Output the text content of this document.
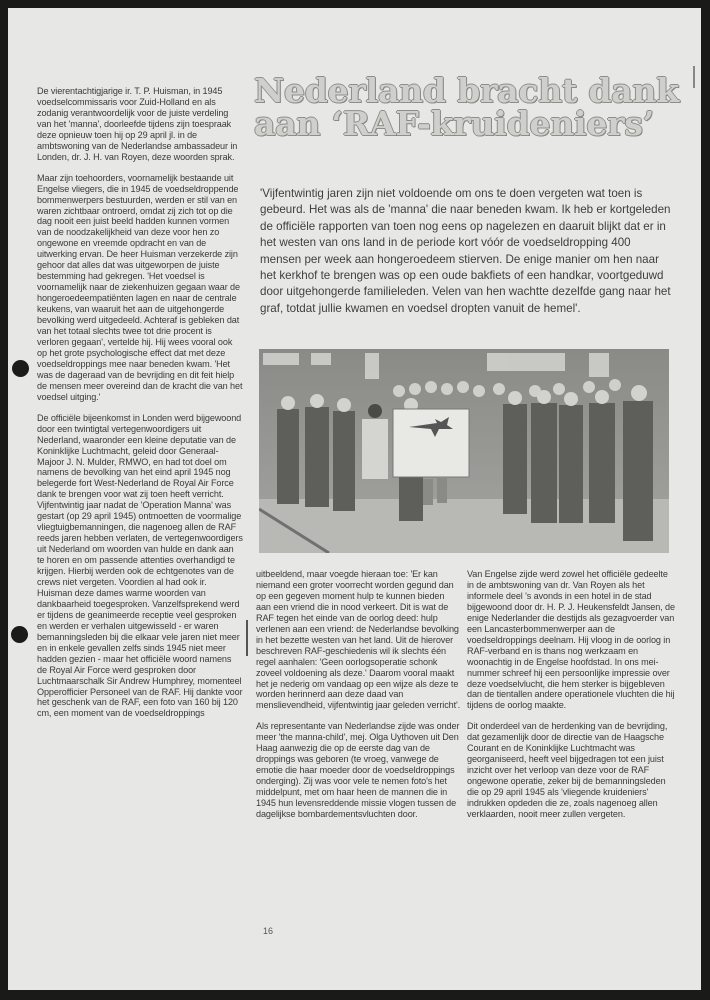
De vierentachtigjarige ir. T. P. Huisman, in 1945 voedselcommissaris voor Zuid-Holland en als zodanig verantwoordelijk voor de juiste verdeling van het 'manna', doorleefde tijdens zijn toespraak deze opnieuw toen hij op 29 april jl. in de ambtswoning van de Nederlandse ambassadeur in Londen, dr. J. H. van Royen, deze woorden sprak.

Maar zijn toehoorders, voornamelijk bestaande uit Engelse vliegers, die in 1945 de voedseldroppende bommenwerpers bestuurden, werden er stil van en waren zichtbaar ontroerd, omdat zij zich tot op die dag nooit een juist beeld hadden kunnen vormen van de noodzakelijkheid van deze voor hen zo ongewone en vreemde opdracht en van de uitwerking ervan. De heer Huisman verzekerde zijn gehoor dat alles dat was uitgeworpen de juiste bestemming had gekregen. 'Het voedsel is voornamelijk naar de ziekenhuizen gegaan waar de hongeroedeempatiënten lagen en naar de centrale keukens, van waaruit het aan de uitgehongerde bevolking werd uitgedeeld. Achteraf is gebleken dat van het totaal slechts twee tot drie procent is verloren gegaan', vertelde hij. Hij wees vooral ook op het grote psychologische effect dat met deze voedseldroppings mee naar beneden kwam. 'Het was de dageraad van de bevrijding en dit feit hielp de mensen meer overeind dan de kracht die van het voedsel uitging.'

De officiële bijeenkomst in Londen werd bijgewoond door een twintigtal vertegenwoordigers uit Nederland, waaronder een kleine deputatie van de Koninklijke Luchtmacht, geleid door Generaal-Majoor J. N. Mulder, RMWO, en had tot doel om namens de bevolking van het eind april 1945 nog belegerde fort West-Nederland de Royal Air Force dank te brengen voor wat zij toen heeft verricht. Vijfentwintig jaar nadat de 'Operation Manna' was gestart (op 29 april 1945) ontmoetten de voormalige vliegtuigbemanningen, die nagenoeg allen de RAF reeds jaren hebben verlaten, de vertegenwoordigers uit Nederland om woorden van hulde en dank aan te horen en om passende attenties overhandigd te krijgen. Hierbij werden ook de echtgenotes van de crews niet vergeten. Voordien al had ook ir. Huisman deze dames warme woorden van dankbaarheid toegesproken. Vanzelfsprekend werd er tijdens de geanimeerde receptie veel gesproken en werden er verhalen uitgewisseld - er waren bemanningsleden bij die elkaar vele jaren niet meer en in enkele gevallen zelfs sinds 1945 niet meer hadden gezien - maar het officiële woord namens de Royal Air Force werd gesproken door Luchtmaarschalk Sir Andrew Humphrey, momenteel Opperofficier Personeel van de RAF. Hij dankte voor het geschenk van de RAF, een foto van 160 bij 120 cm, een moment van de voedseldroppings

Nederland bracht dank
aan ‘RAF-kruideniers’
'Vijfentwintig jaren zijn niet voldoende om ons te doen vergeten wat toen is gebeurd. Het was als de 'manna' die naar beneden kwam. Ik heb er kortgeleden de officiële rapporten van toen nog eens op nagelezen en daaruit blijkt dat er in het westen van ons land in de periode kort vóór de voedseldropping 400 mensen per week aan hongeroedeem stierven. De enige manier om hen naar het kerkhof te brengen was op een oude bakfiets of een handkar, voortgeduwd door uitgehongerde familieleden. Velen van hen wachtte dezelfde gang naar het graf, totdat jullie kwamen en voedsel dropten vanuit de hemel'.

uitbeeldend, maar voegde hieraan toe: 'Er kan niemand een groter voorrecht worden gegund dan op een gegeven moment hulp te kunnen bieden aan een vriend die in nood verkeert. Dit is wat de RAF tegen het einde van de oorlog deed: hulp verlenen aan een vriend: de Nederlandse bevolking in het bezette westen van het land. Uit de hierover beschreven RAF-geschiedenis wil ik slechts één regel aanhalen: 'Geen oorlogsoperatie schonk zoveel voldoening als deze.' Daarom vooral maakt het je nederig om vandaag op een wijze als deze te worden herinnerd aan deze daad van menslievendheid, vijfentwintig jaar geleden verricht'.

Als representante van Nederlandse zijde was onder meer 'the manna-child', mej. Olga Uythoven uit Den Haag aanwezig die op de eerste dag van de droppings was geboren (te vroeg, vanwege de emotie die haar moeder door de voedseldroppings onderging). Zij was voor vele te nemen foto's het middelpunt, met om haar heen de mannen die in 1945 hun levensreddende missie vlogen tussen de dagelijkse bombardementsvluchten door.

Van Engelse zijde werd zowel het officiële gedeelte in de ambtswoning van dr. Van Royen als het informele deel 's avonds in een hotel in de stad bijgewoond door dr. H. P. J. Heukensfeldt Jansen, de enige Nederlander die destijds als gezagvoerder van een Lancasterbommenwerper aan de voedseldroppings deelnam. Hij vloog in de oorlog in RAF-verband en is thans nog werkzaam en woonachtig in de Engelse hoofdstad. In ons mei-nummer schreef hij een persoonlijke impressie over deze voedselvlucht, die hem sterker is bijgebleven dan de tientallen andere operationele vluchten die hij tijdens de oorlog maakte.

Dit onderdeel van de herdenking van de bevrijding, dat gezamenlijk door de directie van de Haagsche Courant en de Koninklijke Luchtmacht was georganiseerd, heeft veel bijgedragen tot een juist inzicht over het verloop van deze voor de RAF ongewone operatie, zeker bij de bemanningsleden die op 29 april 1945 als 'vliegende kruideniers' indrukken opdeden die ze, zoals nagenoeg allen verklaarden, nooit meer zullen vergeten.

16
